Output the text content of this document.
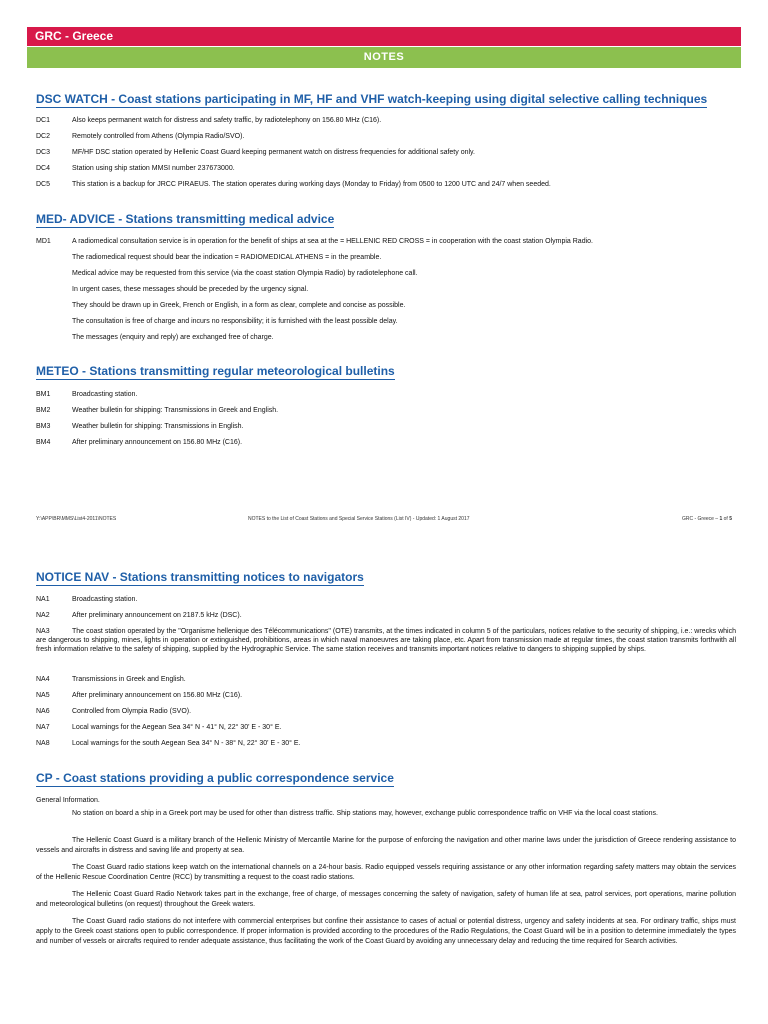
GRC - Greece
NOTES
DSC WATCH - Coast stations participating in MF, HF and VHF watch-keeping using digital selective calling techniques
DC1	Also keeps permanent watch for distress and safety traffic, by radiotelephony on 156.80 MHz (C16).
DC2	Remotely controlled from Athens (Olympia Radio/SVO).
DC3	MF/HF DSC station operated by Hellenic Coast Guard keeping permanent watch on distress frequencies for additional safety only.
DC4	Station using ship station MMSI number 237673000.
DC5	This station is a backup for JRCC PIRAEUS. The station operates during working days (Monday to Friday) from 0500 to 1200 UTC and 24/7 when seeded.
MED- ADVICE - Stations transmitting medical advice
MD1	A radiomedical consultation service is in operation for the benefit of ships at sea at the = HELLENIC RED CROSS = in cooperation with the coast station Olympia Radio.
The radiomedical request should bear the indication = RADIOMEDICAL ATHENS = in the preamble.
Medical advice may be requested from this service (via the coast station Olympia Radio) by radiotelephone call.
In urgent cases, these messages should be preceded by the urgency signal.
They should be drawn up in Greek, French or English, in a form as clear, complete and concise as possible.
The consultation is free of charge and incurs no responsibility; it is furnished with the least possible delay.
The messages (enquiry and reply) are exchanged free of charge.
METEO - Stations transmitting regular meteorological bulletins
BM1	Broadcasting station.
BM2	Weather bulletin for shipping: Transmissions in Greek and English.
BM3	Weather bulletin for shipping: Transmissions in English.
BM4	After preliminary announcement on 156.80 MHz (C16).
Y:\APP\BR\MMS\List4-2011\NOTES	NOTES to the List of Coast Stations and Special Service Stations (List IV) - Updated: 1 August 2017	GRC - Greece – 1 of 5
NOTICE NAV - Stations transmitting notices to navigators
NA1	Broadcasting station.
NA2	After preliminary announcement on 2187.5 kHz (DSC).
NA3	The coast station operated by the "Organisme hellenique des Télécommunications" (OTE) transmits, at the times indicated in column 5 of the particulars, notices relative to the security of shipping, i.e.: wrecks which are dangerous to shipping, mines, lights in operation or extinguished, prohibitions, areas in which naval manoeuvres are taking place, etc. Apart from transmission made at regular times, the coast station transmits forthwith all fresh information relative to the safety of shipping, supplied by the Hydrographic Service. The same station receives and transmits important notices relative to dangers to shipping supplied by ships.
NA4	Transmissions in Greek and English.
NA5	After preliminary announcement on 156.80 MHz (C16).
NA6	Controlled from Olympia Radio (SVO).
NA7	Local warnings for the Aegean Sea 34° N - 41° N, 22° 30' E - 30° E.
NA8	Local warnings for the south Aegean Sea 34° N - 38° N, 22° 30' E - 30° E.
CP - Coast stations providing a public correspondence service
General Information.
No station on board a ship in a Greek port may be used for other than distress traffic. Ship stations may, however, exchange public correspondence traffic on VHF via the local coast stations.
The Hellenic Coast Guard is a military branch of the Hellenic Ministry of Mercantile Marine for the purpose of enforcing the navigation and other marine laws under the jurisdiction of Greece rendering assistance to vessels and aircrafts in distress and saving life and property at sea.
The Coast Guard radio stations keep watch on the international channels on a 24-hour basis. Radio equipped vessels requiring assistance or any other information regarding safety matters may obtain the services of the Hellenic Rescue Coordination Centre (RCC) by transmitting a request to the coast radio stations.
The Hellenic Coast Guard Radio Network takes part in the exchange, free of charge, of messages concerning the safety of navigation, safety of human life at sea, patrol services, port operations, marine pollution and meteorological bulletins (on request) throughout the Greek waters.
The Coast Guard radio stations do not interfere with commercial enterprises but confine their assistance to cases of actual or potential distress, urgency and safety incidents at sea. For ordinary traffic, ships must apply to the Greek coast stations open to public correspondence. If proper information is provided according to the procedures of the Radio Regulations, the Coast Guard will be in a position to determine immediately the types and number of vessels or aircrafts required to render adequate assistance, thus facilitating the work of the Coast Guard by avoiding any unnecessary delay and reducing the time required for Search activities.
